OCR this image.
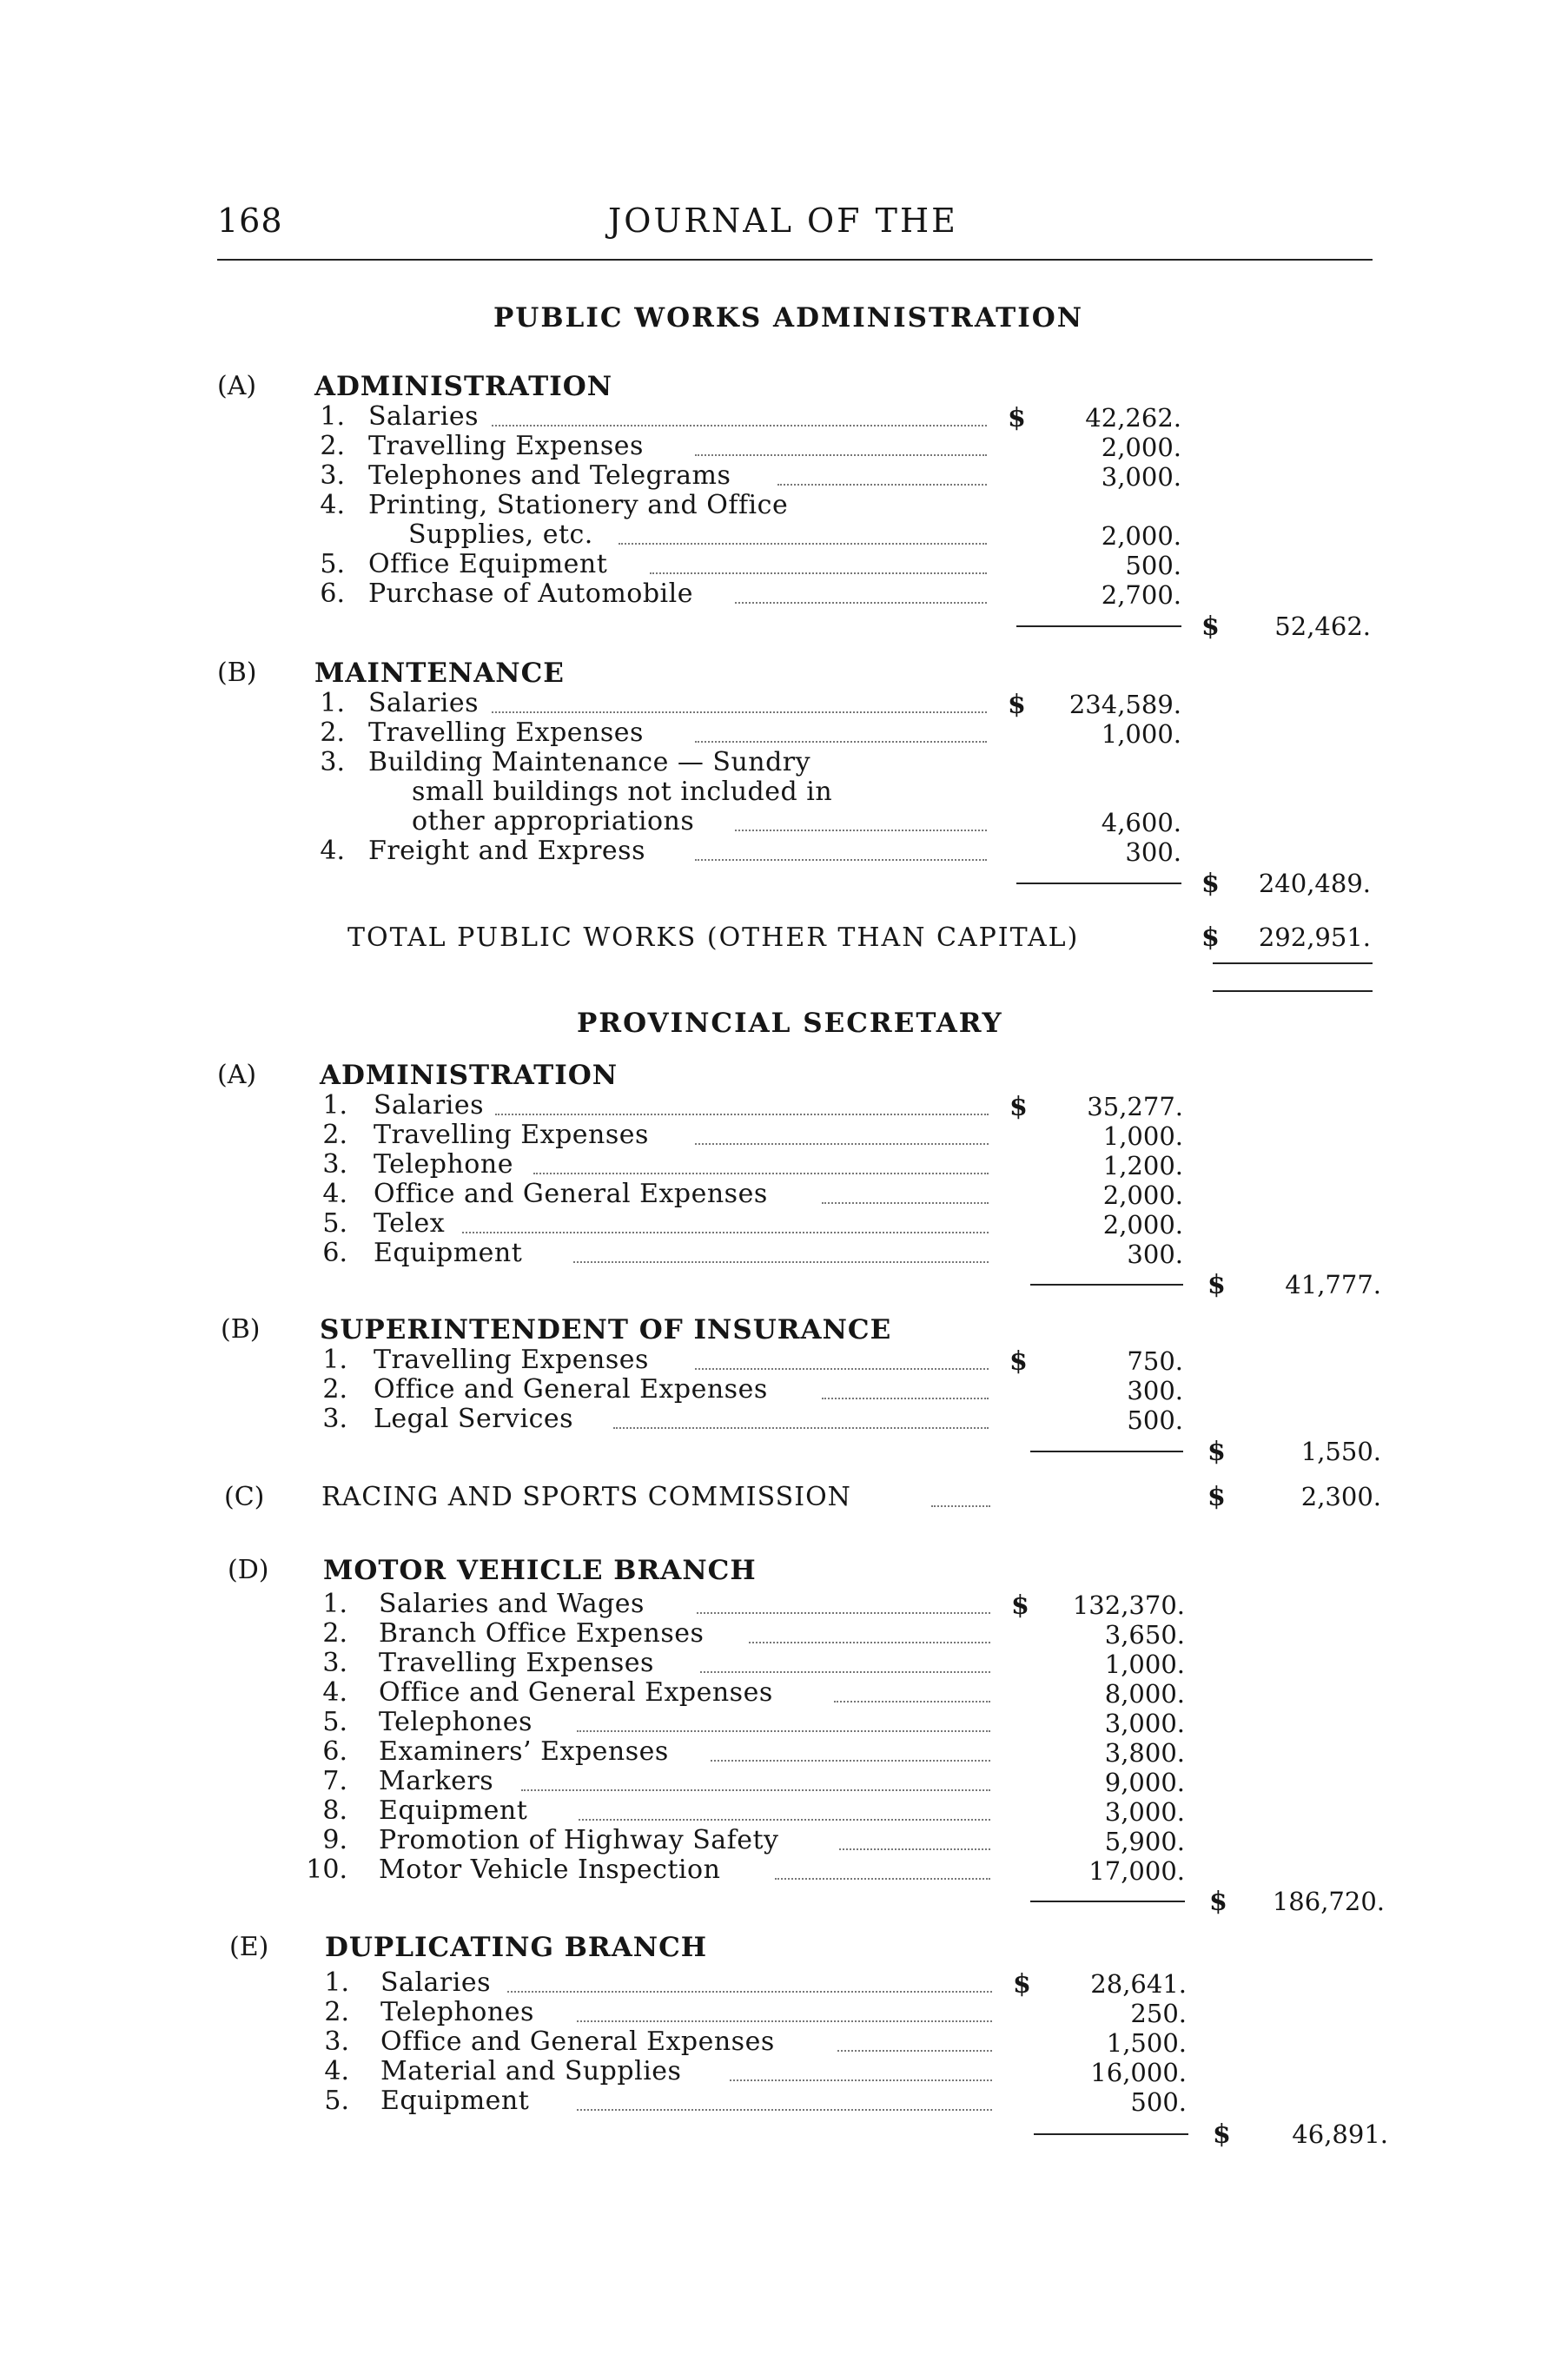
168	JOURNAL OF THE
PUBLIC WORKS ADMINISTRATION
(A) ADMINISTRATION
1. Salaries	$	42,262.
2. Travelling Expenses	2,000.
3. Telephones and Telegrams	3,000.
4. Printing, Stationery and Office
Supplies, etc.	2,000.
5. Office Equipment	500.
6. Purchase of Automobile	2,700.
$	52,462.
(B) MAINTENANCE
1. Salaries	$	234,589.
2. Travelling Expenses	1,000.
3. Building Maintenance — Sundry
small buildings not included in
other appropriations	4,600.
4. Freight and Express	300.
$	240,489.
TOTAL PUBLIC WORKS (OTHER THAN CAPITAL)	$	292,951.
PROVINCIAL SECRETARY
(A) ADMINISTRATION
1. Salaries	$	35,277.
2. Travelling Expenses	1,000.
3. Telephone	1,200.
4. Office and General Expenses	2,000.
5. Telex	2,000.
6. Equipment	300.
$	41,777.
(B) SUPERINTENDENT OF INSURANCE
1. Travelling Expenses	$	750.
2. Office and General Expenses	300.
3. Legal Services	500.
$	1,550.
(C) RACING AND SPORTS COMMISSION	$	2,300.
(D) MOTOR VEHICLE BRANCH
1. Salaries and Wages	$	132,370.
2. Branch Office Expenses	3,650.
3. Travelling Expenses	1,000.
4. Office and General Expenses	8,000.
5. Telephones	3,000.
6. Examiners’ Expenses	3,800.
7. Markers	9,000.
8. Equipment	3,000.
9. Promotion of Highway Safety	5,900.
10. Motor Vehicle Inspection	17,000.
$	186,720.
(E) DUPLICATING BRANCH
1. Salaries	$	28,641.
2. Telephones	250.
3. Office and General Expenses	1,500.
4. Material and Supplies	16,000.
5. Equipment	500.
$	46,891.
